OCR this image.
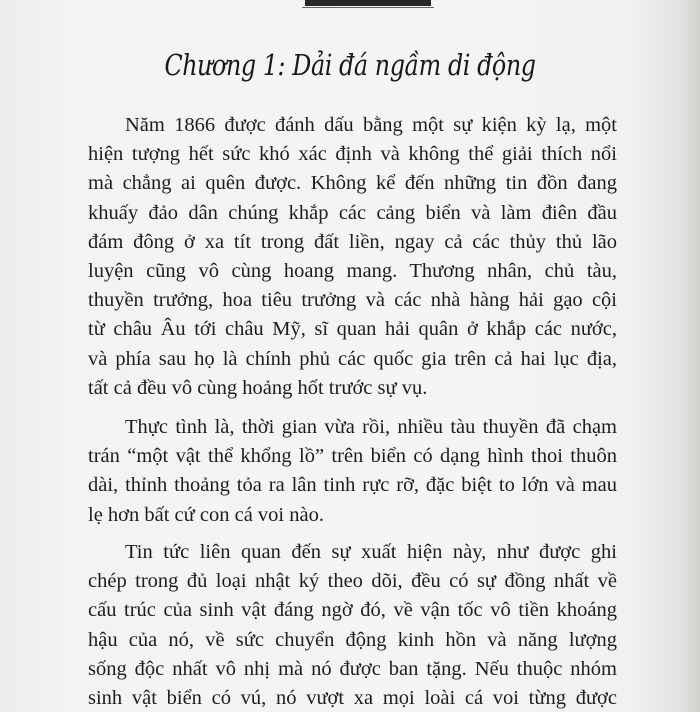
Chương 1: Dải đá ngầm di động
Năm 1866 được đánh dấu bằng một sự kiện kỳ lạ, một
hiện tượng hết sức khó xác định và không thể giải thích nổi
mà chẳng ai quên được. Không kể đến những tin đồn đang
khuấy đảo dân chúng khắp các cảng biển và làm điên đầu
đám đông ở xa tít trong đất liền, ngay cả các thủy thủ lão
luyện cũng vô cùng hoang mang. Thương nhân, chủ tàu,
thuyền trưởng, hoa tiêu trưởng và các nhà hàng hải gạo cội
từ châu Âu tới châu Mỹ, sĩ quan hải quân ở khắp các nước,
và phía sau họ là chính phủ các quốc gia trên cả hai lục địa,
tất cả đều vô cùng hoảng hốt trước sự vụ.
Thực tình là, thời gian vừa rồi, nhiều tàu thuyền đã chạm
trán “một vật thể khổng lồ” trên biển có dạng hình thoi thuôn
dài, thỉnh thoảng tỏa ra lân tinh rực rỡ, đặc biệt to lớn và mau
lẹ hơn bất cứ con cá voi nào.
Tin tức liên quan đến sự xuất hiện này, như được ghi
chép trong đủ loại nhật ký theo dõi, đều có sự đồng nhất về
cấu trúc của sinh vật đáng ngờ đó, về vận tốc vô tiền khoáng
hậu của nó, về sức chuyển động kinh hồn và năng lượng
sống độc nhất vô nhị mà nó được ban tặng. Nếu thuộc nhóm
sinh vật biển có vú, nó vượt xa mọi loài cá voi từng được
